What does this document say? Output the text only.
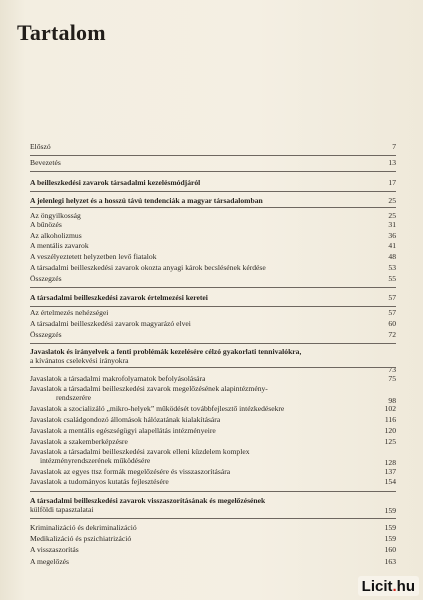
Tartalom
Előszó	7
Bevezetés	13
A beilleszkedési zavarok társadalmi kezelésmódjáról	17
A jelenlegi helyzet és a hosszú távú tendenciák a magyar társadalomban	25
Az öngyilkosság	25
A bűnözés	31
Az alkoholizmus	36
A mentális zavarok	41
A veszélyeztetett helyzetben levő fiatalok	48
A társadalmi beilleszkedési zavarok okozta anyagi károk becslésének kérdése	53
Összegzés	55
A társadalmi beilleszkedési zavarok értelmezési keretei	57
Az értelmezés nehézségei	57
A társadalmi beilleszkedési zavarok magyarázó elvei	60
Összegzés	72
Javaslatok és irányelvek a fenti problémák kezelésére célzó gyakorlati tennivalókra,
a kívánatos cselekvési irányokra
73
Javaslatok a társadalmi makrofolyamatok befolyásolására	75
Javaslatok a társadalmi beilleszkedési zavarok megelőzésének alapintézmény-
rendszerére	98
Javaslatok a szocializáló „mikro-helyek” működését továbbfejlesztő intézkedésekre	102
Javaslatok családgondozó állomások hálózatának kialakítására	116
Javaslatok a mentális egészségügyi alapellátás intézményeire	120
Javaslatok a szakemberképzésre	125
Javaslatok a társadalmi beilleszkedési zavarok elleni küzdelem komplex
intézményrendszerének működésére	128
Javaslatok az egyes ttsz formák megelőzésére és visszaszorítására	137
Javaslatok a tudományos kutatás fejlesztésére	154
A társadalmi beilleszkedési zavarok visszaszorításának és megelőzésének
külföldi tapasztalatai	159
Kriminalizáció és dekriminalizáció	159
Medikalizáció és pszichiatrizáció	159
A visszaszorítás	160
A megelőzés	163
Licit . hu
